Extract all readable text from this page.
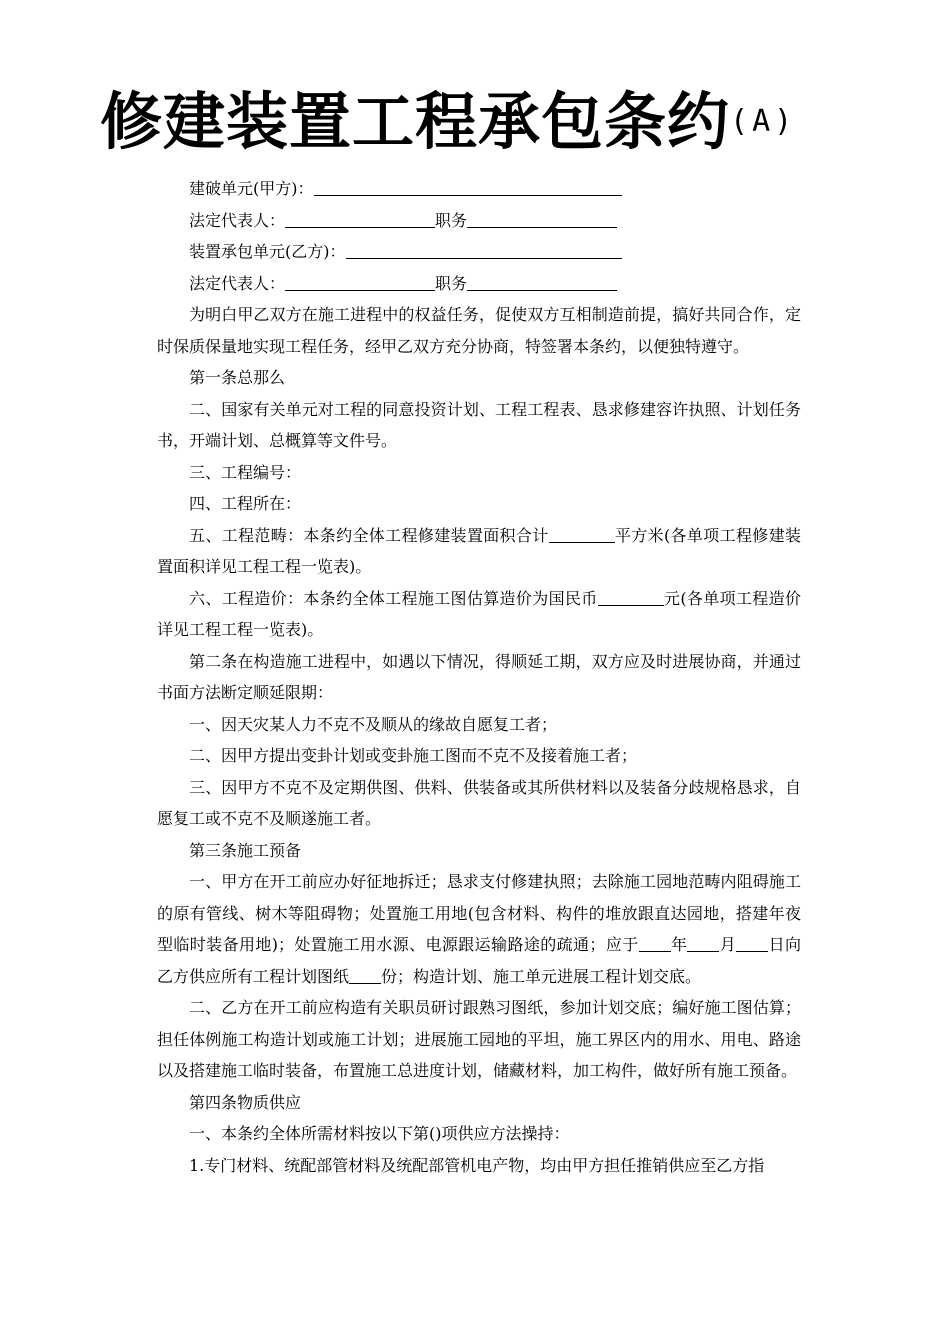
修建装置工程承包条约(A)

建破单元(甲方)：

法定代表人：	职务

装置承包单元(乙方)：

法定代表人：	职务

为明白甲乙双方在施工进程中的权益任务，促使双方互相制造前提，搞好共同合作，定时保质保量地实现工程任务，经甲乙双方充分协商，特签署本条约，以便独特遵守。

第一条总那么

二、国家有关单元对工程的同意投资计划、工程工程表、恳求修建容许执照、计划任务书，开端计划、总概算等文件号。

三、工程编号：

四、工程所在：

五、工程范畴：本条约全体工程修建装置面积合计	平方米(各单项工程修建装置面积详见工程工程一览表)。

六、工程造价：本条约全体工程施工图估算造价为国民币	元(各单项工程造价详见工程工程一览表)。

第二条在构造施工进程中，如遇以下情况，得顺延工期，双方应及时进展协商，并通过书面方法断定顺延限期：

一、因天灾某人力不克不及顺从的缘故自愿复工者；

二、因甲方提出变卦计划或变卦施工图而不克不及接着施工者；

三、因甲方不克不及定期供图、供料、供装备或其所供材料以及装备分歧规格恳求，自愿复工或不克不及顺遂施工者。

第三条施工预备

一、甲方在开工前应办好征地拆迁；恳求支付修建执照；去除施工园地范畴内阻碍施工的原有管线、树木等阻碍物；处置施工用地(包含材料、构件的堆放跟直达园地，搭建年夜型临时装备用地)；处置施工用水源、电源跟运输路途的疏通；应于 年 月 日向乙方供应所有工程计划图纸 份；构造计划、施工单元进展工程计划交底。

二、乙方在开工前应构造有关职员研讨跟熟习图纸，参加计划交底；编好施工图估算；担任体例施工构造计划或施工计划；进展施工园地的平坦，施工界区内的用水、用电、路途以及搭建施工临时装备，布置施工总进度计划，储藏材料，加工构件，做好所有施工预备。

第四条物质供应

一、本条约全体所需材料按以下第()项供应方法操持：

1.专门材料、统配部管材料及统配部管机电产物，均由甲方担任推销供应至乙方指
